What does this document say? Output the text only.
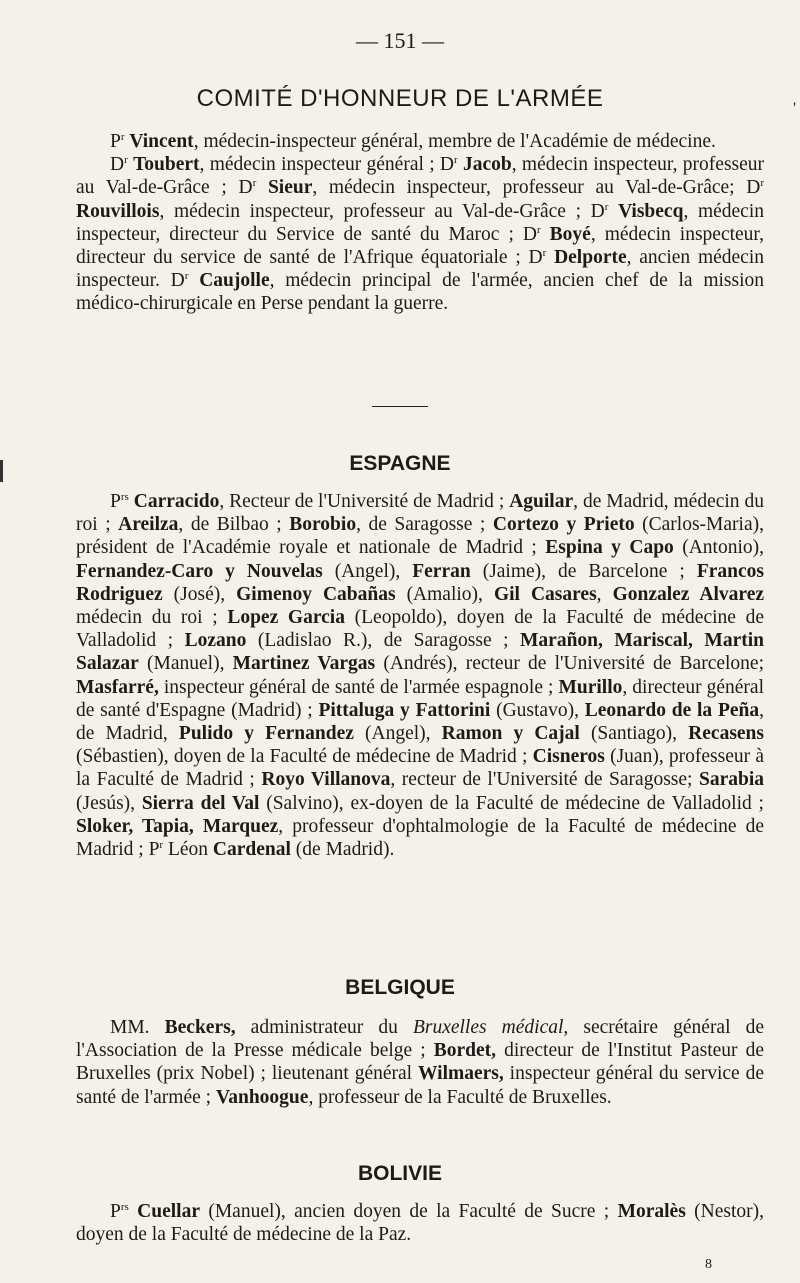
— 151 —
COMITÉ D'HONNEUR DE L'ARMÉE	'

$P^r$ Vincent, médecin-inspecteur général, membre de l'Académie de médecine.

$D^r$ Toubert, médecin inspecteur général ; $D^r$ Jacob, médecin inspecteur, professeur au Val-de-Grâce ; $D^r$ Sieur, médecin inspecteur, professeur au Val-de-Grâce; $D^r$ Rouvillois, médecin inspecteur, professeur au Val-de-Grâce ; $D^r$ Visbecq, médecin inspecteur, directeur du Service de santé du Maroc ; $D^r$ Boyé, médecin inspecteur, directeur du service de santé de l'Afrique équatoriale ; $D^r$ Delporte, ancien médecin inspecteur. $D^r$ Caujolle, médecin principal de l'armée, ancien chef de la mission médico-chirurgicale en Perse pendant la guerre.

ESPAGNE

$P^{rs}$ Carracido, Recteur de l'Université de Madrid ; Aguilar, de Madrid, médecin du roi ; Areilza, de Bilbao ; Borobio, de Saragosse ; Cortezo y Prieto (Carlos-Maria), président de l'Académie royale et nationale de Madrid ; Espina y Capo (Antonio), Fernandez-Caro y Nouvelas (Angel), Ferran (Jaime), de Barcelone ; Francos Rodriguez (José), Gimenoy Cabañas (Amalio), Gil Casares, Gonzalez Alvarez médecin du roi ; Lopez Garcia (Leopoldo), doyen de la Faculté de médecine de Valladolid ; Lozano (Ladislao R.), de Saragosse ; Marañon, Mariscal, Martin Salazar (Manuel), Martinez Vargas (Andrés), recteur de l'Université de Barcelone; Masfarré, inspecteur général de santé de l'armée espagnole ; Murillo, directeur général de santé d'Espagne (Madrid) ; Pittaluga y Fattorini (Gustavo), Leonardo de la Peña, de Madrid, Pulido y Fernandez (Angel), Ramon y Cajal (Santiago), Recasens (Sébastien), doyen de la Faculté de médecine de Madrid ; Cisneros (Juan), professeur à la Faculté de Madrid ; Royo Villanova, recteur de l'Université de Saragosse; Sarabia (Jesús), Sierra del Val (Salvino), ex-doyen de la Faculté de médecine de Valladolid ; Sloker, Tapia, Marquez, professeur d'ophtalmologie de la Faculté de médecine de Madrid ; $P^r$ Léon Cardenal (de Madrid).

BELGIQUE

MM. Beckers, administrateur du Bruxelles médical, secrétaire général de l'Association de la Presse médicale belge ; Bordet, directeur de l'Institut Pasteur de Bruxelles (prix Nobel) ; lieutenant général Wilmaers, inspecteur général du service de santé de l'armée ; Vanhoogue, professeur de la Faculté de Bruxelles.

BOLIVIE

$P^{rs}$ Cuellar (Manuel), ancien doyen de la Faculté de Sucre ; Moralès (Nestor), doyen de la Faculté de médecine de la Paz.

8
